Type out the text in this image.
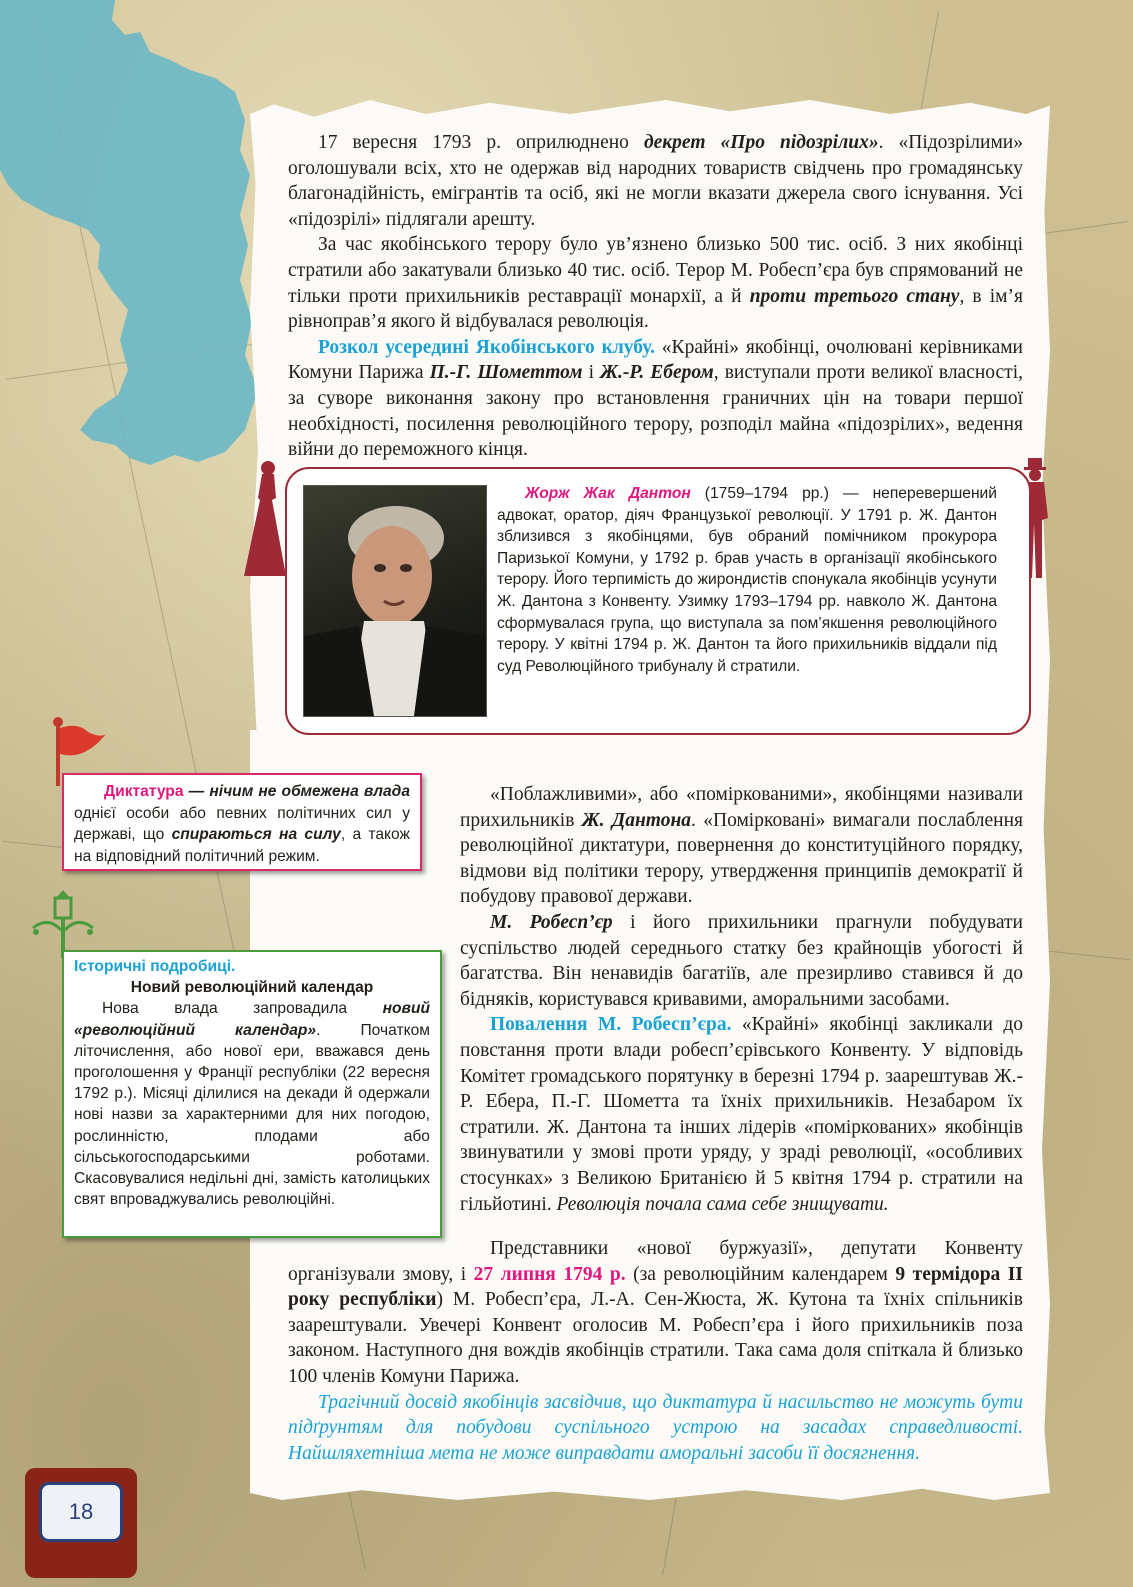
17 вересня 1793 р. оприлюднено декрет «Про підозрілих». «Підозрілими» оголошували всіх, хто не одержав від народних товариств свідчень про громадянську благонадійність, емігрантів та осіб, які не могли вказати джерела свого існування. Усі «підозрілі» підлягали арешту.

За час якобінського терору було ув’язнено близько 500 тис. осіб. З них якобінці стратили або закатували близько 40 тис. осіб. Терор М. Робесп’єра був спрямований не тільки проти прихильників реставрації монархії, а й проти третього стану, в ім’я рівноправ’я якого й відбувалася революція.

Розкол усередині Якобінського клубу. «Крайні» якобінці, очолювані керівниками Комуни Парижа П.-Г. Шометтом і Ж.-Р. Ебером, виступали проти великої власності, за суворе виконання закону про встановлення граничних цін на товари першої необхідності, посилення революційного терору, розподіл майна «підозрілих», ведення війни до переможного кінця.

Жорж Жак Дантон (1759–1794 рр.) — неперевершений адвокат, оратор, діяч Французької революції. У 1791 р. Ж. Дантон зблизився з якобінцями, був обраний помічником прокурора Паризької Комуни, у 1792 р. брав участь в організації якобінського терору. Його терпимість до жирондистів спонукала якобінців усунути Ж. Дантона з Конвенту. Узимку 1793–1794 рр. навколо Ж. Дантона сформувалася група, що виступала за пом’якшення революційного терору. У квітні 1794 р. Ж. Дантон та його прихильників віддали під суд Революційного трибуналу й стратили.

Диктатура — нічим не обмежена влада однієї особи або певних політичних сил у державі, що спираються на силу, а також на відповідний політичний режим.
Історичні подробиці.
Новий революційний календар

Нова влада запровадила новий «революційний календар». Початком літочислення, або нової ери, вважався день проголошення у Франції республіки (22 вересня 1792 р.). Місяці ділилися на декади й одержали нові назви за характерними для них погодою, рослинністю, плодами або сільськогосподарськими роботами. Скасовувалися недільні дні, замість католицьких свят впроваджувались революційні.

«Поблажливими», або «поміркованими», якобінцями називали прихильників Ж. Дантона. «Помірковані» вимагали послаблення революційної диктатури, повернення до конституційного порядку, відмови від політики терору, утвердження принципів демократії й побудову правової держави.

М. Робесп’єр і його прихильники прагнули побудувати суспільство людей середнього статку без крайнощів убогості й багатства. Він ненавидів багатіїв, але презирливо ставився й до бідняків, користувався кривавими, аморальними засобами.

Повалення М. Робесп’єра. «Крайні» якобінці закликали до повстання проти влади робесп’єрівського Конвенту. У відповідь Комітет громадського порятунку в березні 1794 р. заарештував Ж.-Р. Ебера, П.-Г. Шометта та їхніх прихильників. Незабаром їх стратили. Ж. Дантона та інших лідерів «поміркованих» якобінців звинуватили у змові проти уряду, у зраді революції, «особливих стосунках» з Великою Британією й 5 квітня 1794 р. стратили на гільйотині. Революція почала сама себе знищувати.

Представники «нової буржуазії», депутати Конвенту організували змову, і 27 липня 1794 р. (за революційним календарем 9 термідора II року республіки) М. Робесп’єра, Л.-А. Сен-Жюста, Ж. Кутона та їхніх спільників заарештували. Увечері Конвент оголосив М. Робесп’єра і його прихильників поза законом. Наступного дня вождів якобінців стратили. Така сама доля спіткала й близько 100 членів Комуни Парижа.

Трагічний досвід якобінців засвідчив, що диктатура й насильство не можуть бути підґрунтям для побудови суспільного устрою на засадах справедливості. Найшляхетніша мета не може виправдати аморальні засоби її досягнення.

18
